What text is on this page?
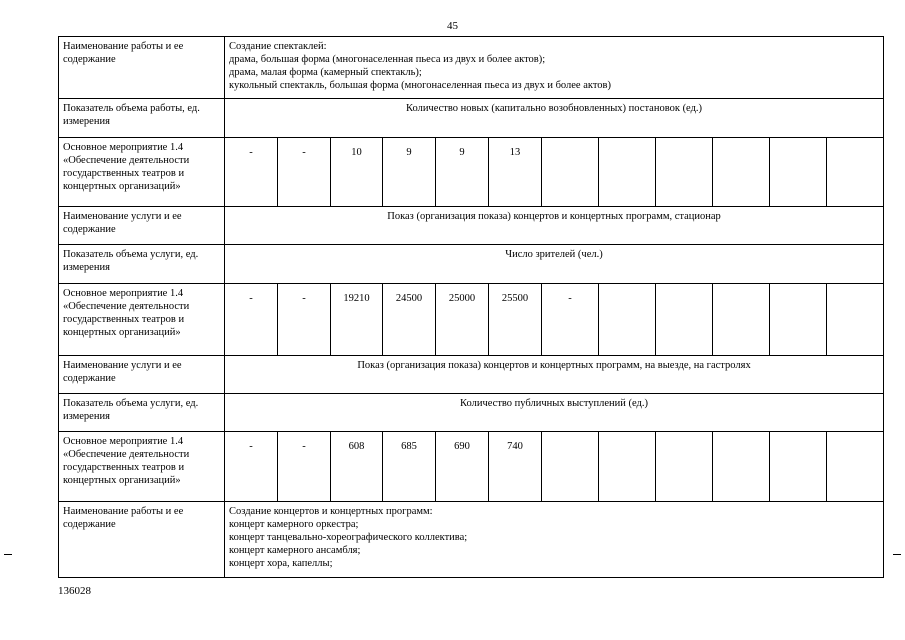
45
Наименование работы и ее содержание	Создание спектаклей:
драма, большая форма (многонаселенная пьеса из двух и более актов);
драма, малая форма (камерный спектакль);
кукольный спектакль, большая форма (многонаселенная пьеса из двух и более актов)											

Показатель объема работы, ед. измерения	Количество новых (капитально возобновленных) постановок (ед.)											
Основное мероприятие 1.4 «Обеспечение деятельности государственных театров и концертных организаций»	-	-	10	9	9	13						
Наименование услуги и ее содержание	Показ (организация показа) концертов и концертных программ, стационар											
Показатель объема услуги, ед. измерения	Число зрителей (чел.)											
Основное мероприятие 1.4 «Обеспечение деятельности государственных театров и концертных организаций»	-	-	19210	24500	25000	25500	-					
Наименование услуги и ее содержание	Показ (организация показа) концертов и концертных программ, на выезде, на гастролях											
Показатель объема услуги, ед. измерения	Количество публичных выступлений (ед.)											
Основное мероприятие 1.4 «Обеспечение деятельности государственных театров и концертных организаций»	-	-	608	685	690	740						
Наименование работы и ее содержание	Создание концертов и концертных программ:
концерт камерного оркестра;
концерт танцевально-хореографического коллектива;
концерт камерного ансамбля;
концерт хора, капеллы;											
136028
